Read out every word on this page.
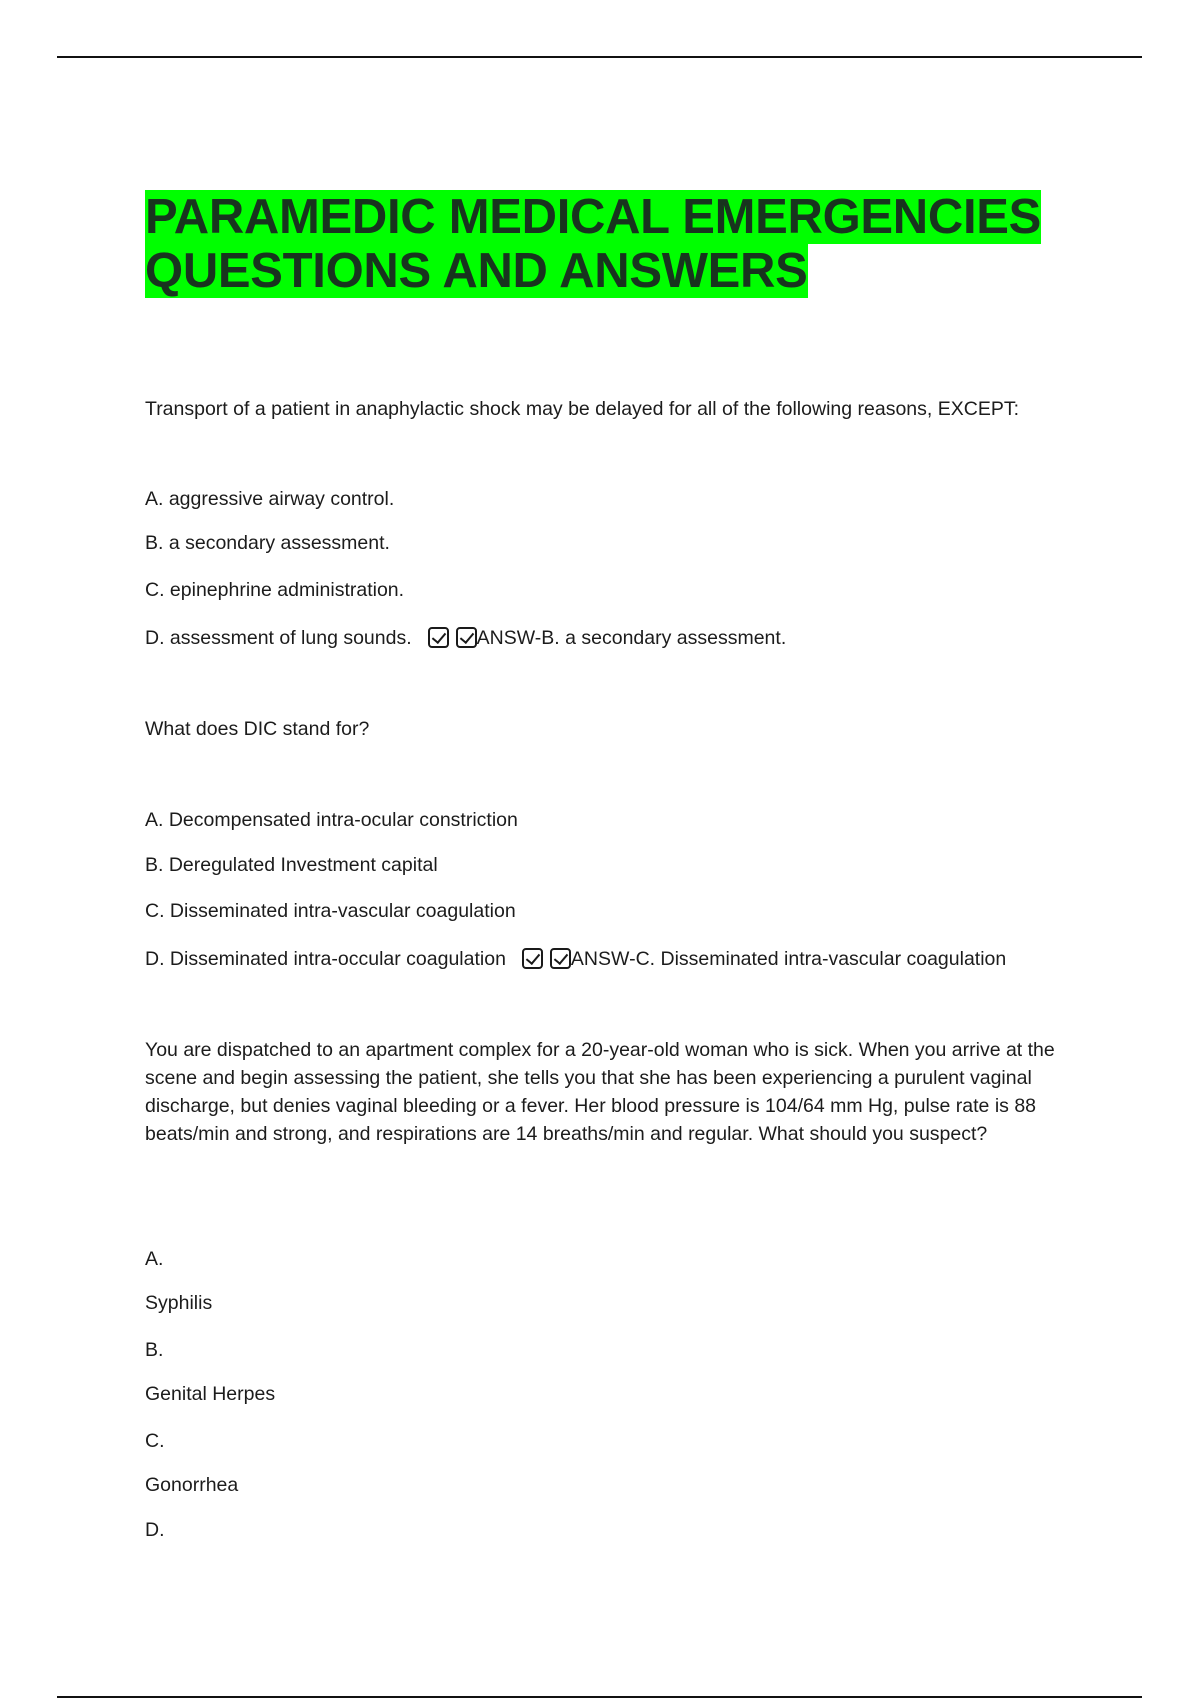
PARAMEDIC MEDICAL EMERGENCIES QUESTIONS AND ANSWERS
Transport of a patient in anaphylactic shock may be delayed for all of the following reasons, EXCEPT:
A. aggressive airway control.
B. a secondary assessment.
C. epinephrine administration.
D. assessment of lung sounds.	ANSW-B. a secondary assessment.
What does DIC stand for?
A. Decompensated intra-ocular constriction
B. Deregulated Investment capital
C. Disseminated intra-vascular coagulation
D. Disseminated intra-occular coagulation	ANSW-C. Disseminated intra-vascular coagulation
You are dispatched to an apartment complex for a 20-year-old woman who is sick. When you arrive at the scene and begin assessing the patient, she tells you that she has been experiencing a purulent vaginal discharge, but denies vaginal bleeding or a fever. Her blood pressure is 104/64 mm Hg, pulse rate is 88 beats/min and strong, and respirations are 14 breaths/min and regular. What should you suspect?
A.
Syphilis
B.
Genital Herpes
C.
Gonorrhea
D.
